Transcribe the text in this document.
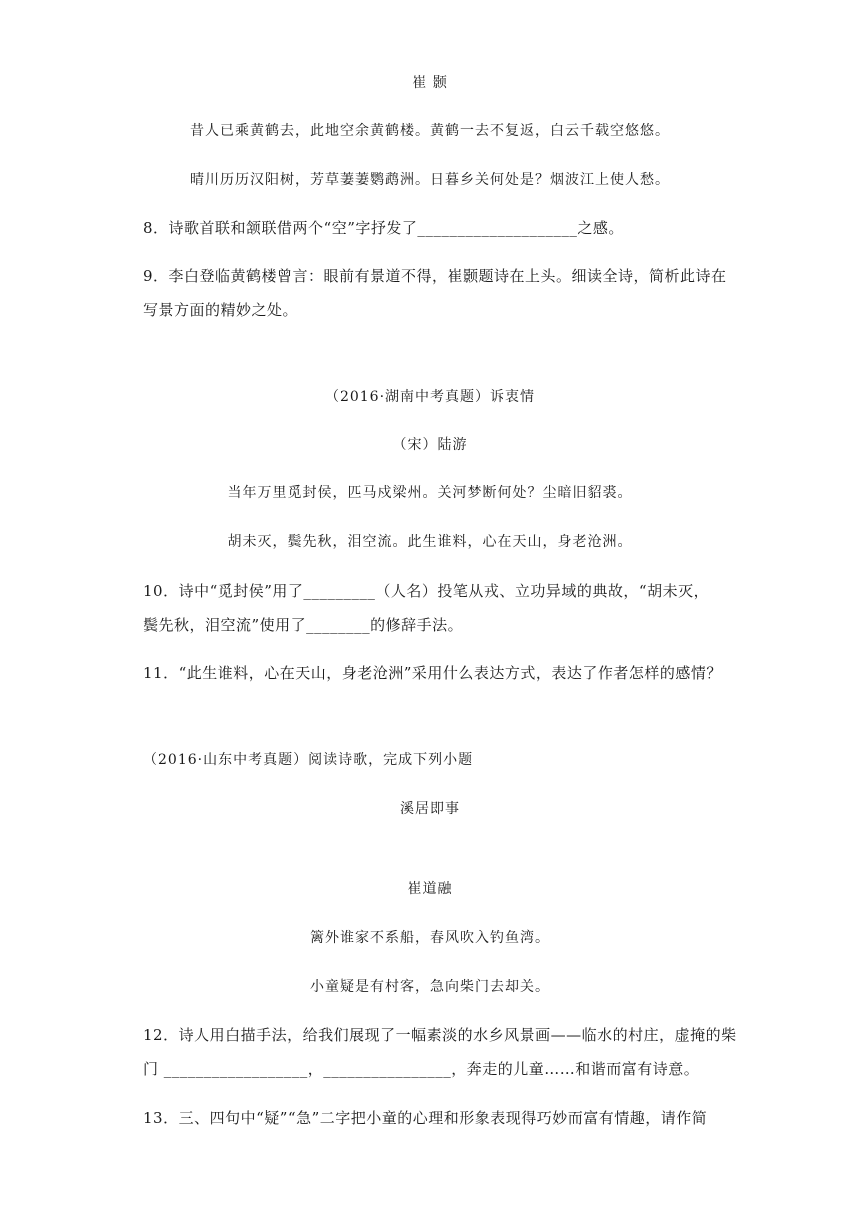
崔 颢
昔人已乘黄鹤去，此地空余黄鹤楼。黄鹤一去不复返，白云千载空悠悠。
晴川历历汉阳树，芳草萋萋鹦鹉洲。日暮乡关何处是？烟波江上使人愁。
8．诗歌首联和颔联借两个“空”字抒发了____________________之感。
9．李白登临黄鹤楼曾言：眼前有景道不得，崔颢题诗在上头。细读全诗，简析此诗在
写景方面的精妙之处。
（2016·湖南中考真题）诉衷情
（宋）陆游
当年万里觅封侯，匹马戍梁州。关河梦断何处？尘暗旧貂裘。
胡未灭，鬓先秋，泪空流。此生谁料，心在天山，身老沧洲。
10．诗中“觅封侯”用了_________（人名）投笔从戎、立功异域的典故，“胡未灭，
鬓先秋，泪空流”使用了________的修辞手法。
11．“此生谁料，心在天山，身老沧洲”采用什么表达方式，表达了作者怎样的感情？
（2016·山东中考真题）阅读诗歌，完成下列小题
溪居即事
崔道融
篱外谁家不系船，春风吹入钓鱼湾。
小童疑是有村客，急向柴门去却关。
12．诗人用白描手法，给我们展现了一幅素淡的水乡风景画——临水的村庄，虚掩的柴
门 __________________，________________，奔走的儿童……和谐而富有诗意。
13．三、四句中“疑”“急”二字把小童的心理和形象表现得巧妙而富有情趣，请作简
